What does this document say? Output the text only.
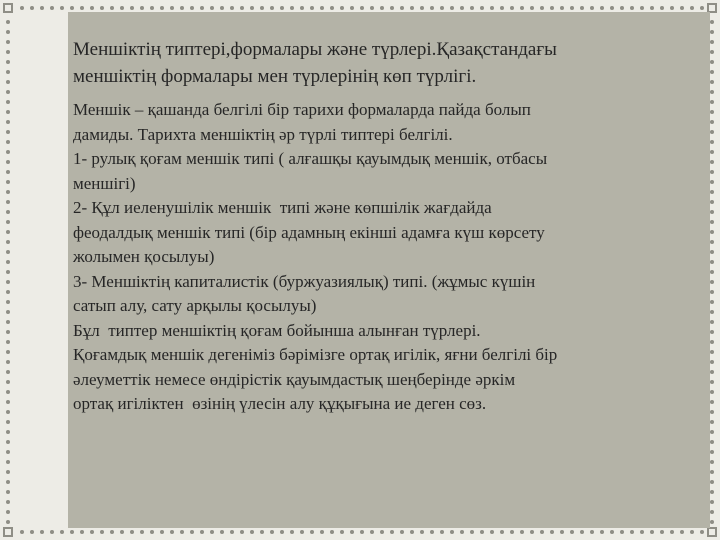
Меншіктің типтері,формалары және түрлері.Қазақстандағы
меншіктің формалары мен түрлерінің көп түрлігі.
Меншік – қашанда белгілі бір тарихи формаларда пайда болып
дамиды. Тарихта меншіктің әр түрлі типтері белгілі.
1- рулық қоғам меншік типі ( алғашқы қауымдық меншік, отбасы
меншігі)
2- Құл иеленушілік меншік  типі және көпшілік жағдайда
феодалдық меншік типі (бір адамның екінші адамға күш көрсету
жолымен қосылуы)
3- Меншіктің капиталистік (буржуазиялық) типі. (жұмыс күшін
сатып алу, сату арқылы қосылуы)
Бұл  типтер меншіктің қоғам бойынша алынған түрлері.
Қоғамдық меншік дегеніміз бәрімізге ортақ игілік, яғни белгілі бір
әлеуметтік немесе өндірістік қауымдастық шеңберінде әркім
ортақ игіліктен  өзінің үлесін алу құқығына ие деген сөз.
